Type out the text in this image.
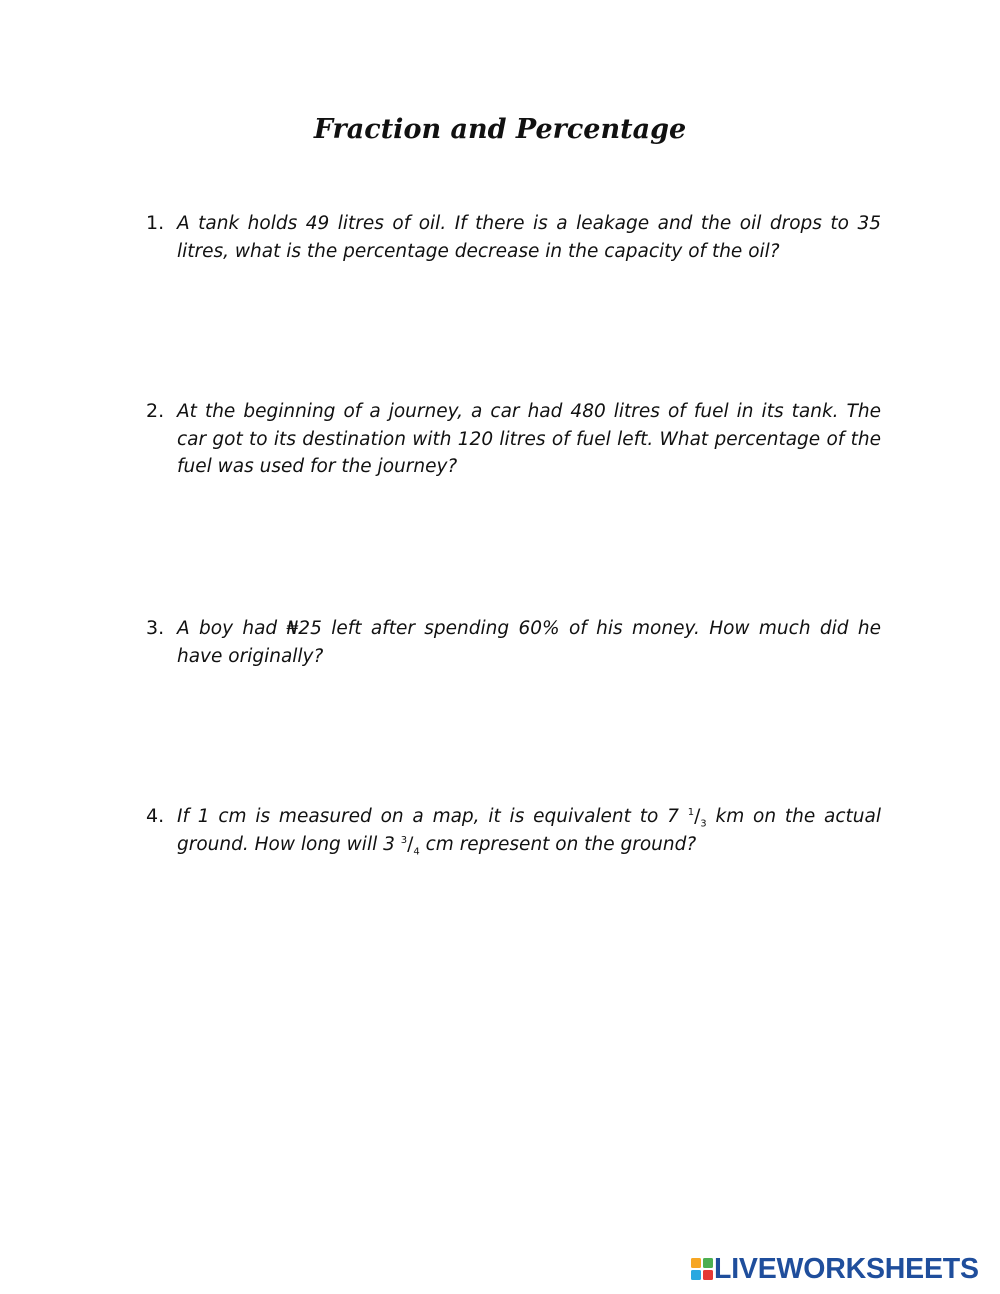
Fraction and Percentage
1. A tank holds 49 litres of oil. If there is a leakage and the oil drops to 35 litres, what is the percentage decrease in the capacity of the oil?
2. At the beginning of a journey, a car had 480 litres of fuel in its tank. The car got to its destination with 120 litres of fuel left. What percentage of the fuel was used for the journey?
3. A boy had ₦25 left after spending 60% of his money. How much did he have originally?
4. If 1 cm is measured on a map, it is equivalent to 7 $^1/_3$ km on the actual ground. How long will 3 $^3/_4$ cm represent on the ground?
LIVEWORKSHEETS
